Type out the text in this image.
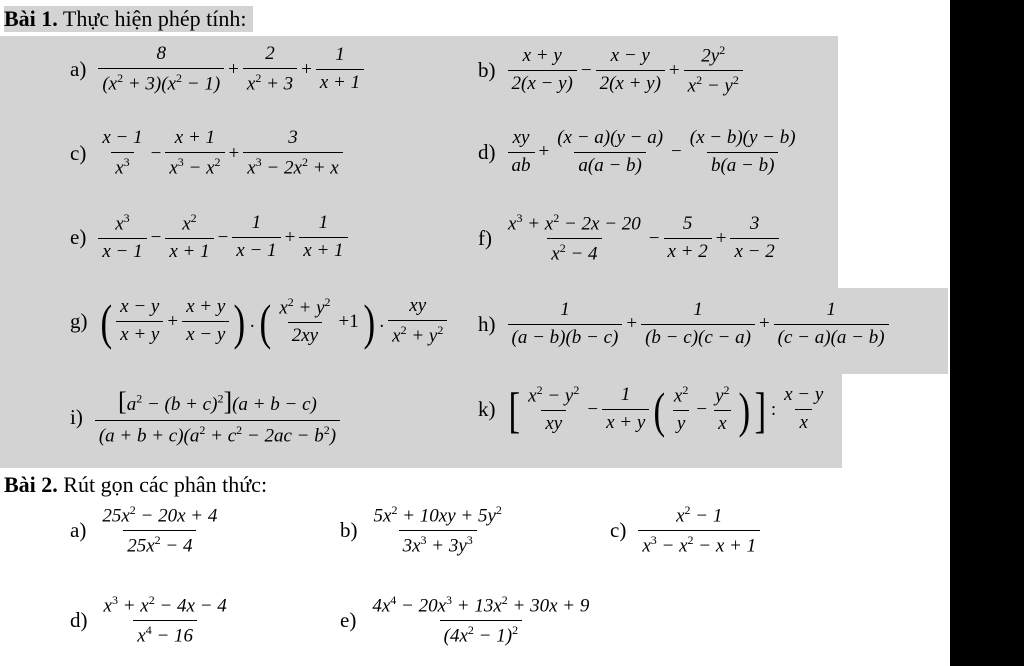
Bài 1. Thực hiện phép tính:
$a) \frac{8}{(x^2 + 3)(x^2 - 1)} + \frac{2}{x^2 + 3} + \frac{1}{x + 1}$	$b) \frac{x + y}{2(x - y)} - \frac{x - y}{2(x + y)} + \frac{2y^2}{x^2 - y^2}$
$c) \frac{x - 1}{x^3} - \frac{x + 1}{x^3 - x^2} + \frac{3}{x^3 - 2x^2 + x}$	$d) \frac{xy}{ab} + \frac{(x - a)(y - a)}{a(a - b)} - \frac{(x - b)(y - b)}{b(a - b)}$
$e) \frac{x^3}{x - 1} - \frac{x^2}{x + 1} - \frac{1}{x - 1} + \frac{1}{x + 1}$	$f) \frac{x^3 + x^2 - 2x - 20}{x^2 - 4} - \frac{5}{x + 2} + \frac{3}{x - 2}$
g) ( $\frac{x - y}{x + y} + \frac{x + y}{x - y}$ ) . ( $\frac{x^2 + y^2}{2xy} +1$ ) . $\frac{xy}{x^2 + y^2} h) \frac{1}{(a - b)(b - c)} + \frac{1}{(b - c)(c - a)} + \frac{1}{(c - a)(a - b)}$
$i) \frac{[a^2 - (b + c)^2](a + b - c)}{(a + b + c)(a^2 + c^2 - 2ac - b^2)}$	k) [ $\frac{x^2 - y^2}{xy} - \frac{1}{x + y}$ ( $\frac{x^2}{y} - \frac{y^2}{x}$ ) ] : $\frac{x - y}{x}$
Bài 2. Rút gọn các phân thức:
$a) \frac{25x^2 - 20x + 4}{25x^2 - 4}$	$b) \frac{5x^2 + 10xy + 5y^2}{3x^3 + 3y^3}$	$c) \frac{x^2 - 1}{x^3 - x^2 - x + 1}$
$d) \frac{x^3 + x^2 - 4x - 4}{x^4 - 16}$	$e) \frac{4x^4 - 20x^3 + 13x^2 + 30x + 9}{(4x^2 - 1)^2}$
